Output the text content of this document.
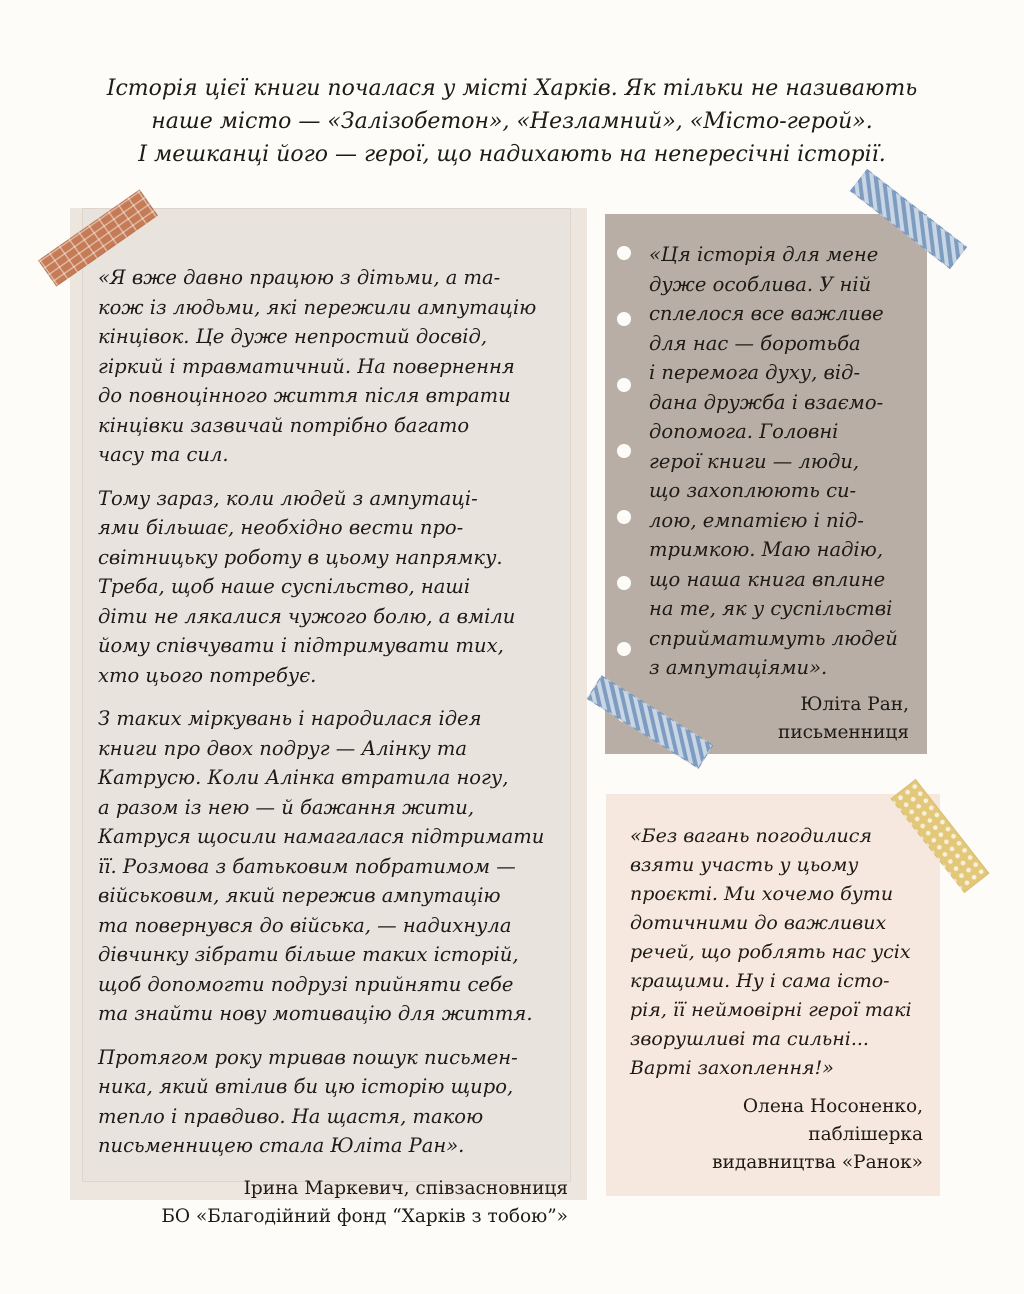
Історія цієї книги почалася у місті Харків. Як тільки не називають
наше місто — «Залізобетон», «Незламний», «Місто-герой».
І мешканці його — герої, що надихають на непересічні історії.
«Я вже давно працюю з дітьми, а та-
кож із людьми, які пережили ампутацію
кінцівок. Це дуже непростий досвід,
гіркий і травматичний. На повернення
до повноцінного життя після втрати
кінцівки зазвичай потрібно багато
часу та сил.
Тому зараз, коли людей з ампутаці-
ями більшає, необхідно вести про-
світницьку роботу в цьому напрямку.
Треба, щоб наше суспільство, наші
діти не лякалися чужого болю, а вміли
йому співчувати і підтримувати тих,
хто цього потребує.
З таких міркувань і народилася ідея
книги про двох подруг — Алінку та
Катрусю. Коли Алінка втратила ногу,
а разом із нею — й бажання жити,
Катруся щосили намагалася підтримати
її. Розмова з батьковим побратимом —
військовим, який пережив ампутацію
та повернувся до війська, — надихнула
дівчинку зібрати більше таких історій,
щоб допомогти подрузі прийняти себе
та знайти нову мотивацію для життя.
Протягом року тривав пошук письмен-
ника, який втілив би цю історію щиро,
тепло і правдиво. На щастя, такою
письменницею стала Юліта Ран».
Ірина Маркевич, співзасновниця
БО «Благодійний фонд “Харків з тобою”»
«Ця історія для мене
дуже особлива. У ній
сплелося все важливе
для нас — боротьба
і перемога духу, від-
дана дружба і взаємо-
допомога. Головні
герої книги — люди,
що захоплюють си-
лою, емпатією і під-
тримкою. Маю надію,
що наша книга вплине
на те, як у суспільстві
сприйматимуть людей
з ампутаціями».
Юліта Ран,
письменниця
«Без вагань погодилися
взяти участь у цьому
проєкті. Ми хочемо бути
дотичними до важливих
речей, що роблять нас усіх
кращими. Ну і сама істо-
рія, її неймовірні герої такі
зворушливі та сильні...
Варті захоплення!»
Олена Носоненко,
паблішерка
видавництва «Ранок»
